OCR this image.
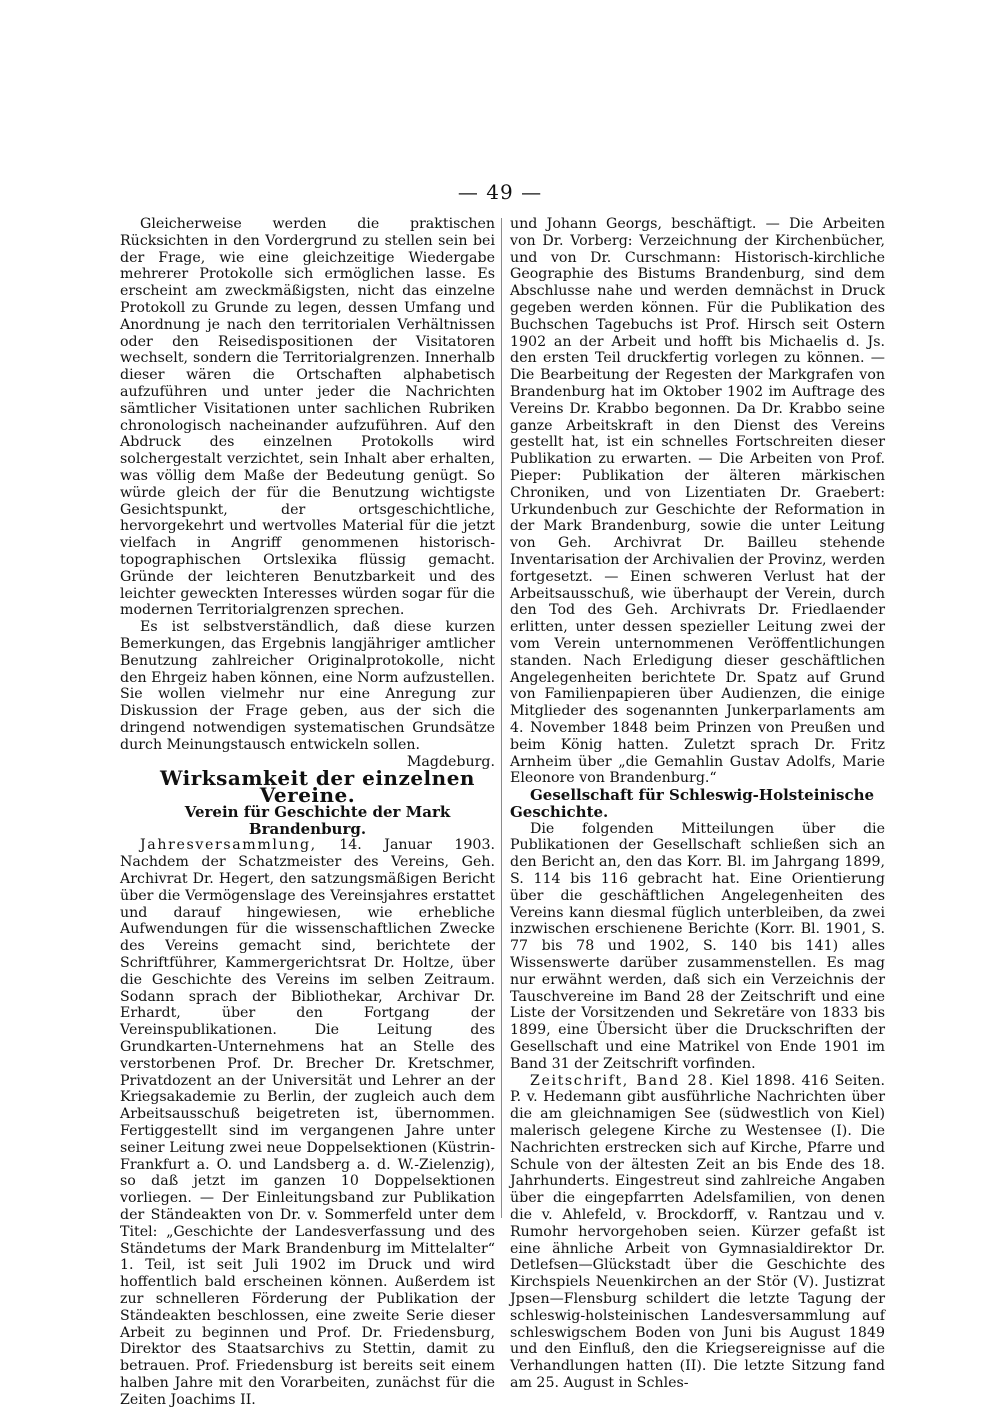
— 49 —

Gleicherweise werden die praktischen Rücksichten in den Vordergrund zu stellen sein bei der Frage, wie eine gleichzeitige Wiedergabe mehrerer Protokolle sich ermöglichen lasse. Es erscheint am zweckmäßigsten, nicht das einzelne Protokoll zu Grunde zu legen, dessen Umfang und Anordnung je nach den territorialen Verhältnissen oder den Reisedispositionen der Visitatoren wechselt, sondern die Territorialgrenzen. Innerhalb dieser wären die Ortschaften alphabetisch aufzuführen und unter jeder die Nachrichten sämtlicher Visitationen unter sachlichen Rubriken chronologisch nacheinander aufzuführen. Auf den Abdruck des einzelnen Protokolls wird solchergestalt verzichtet, sein Inhalt aber erhalten, was völlig dem Maße der Bedeutung genügt. So würde gleich der für die Benutzung wichtigste Gesichtspunkt, der ortsgeschichtliche, hervorgekehrt und wertvolles Material für die jetzt vielfach in Angriff genommenen historisch-topographischen Ortslexika flüssig gemacht. Gründe der leichteren Benutzbarkeit und des leichter geweckten Interesses würden sogar für die modernen Territorialgrenzen sprechen.

Es ist selbstverständlich, daß diese kurzen Bemerkungen, das Ergebnis langjähriger amtlicher Benutzung zahlreicher Originalprotokolle, nicht den Ehrgeiz haben können, eine Norm aufzustellen. Sie wollen vielmehr nur eine Anregung zur Diskussion der Frage geben, aus der sich die dringend notwendigen systematischen Grundsätze durch Meinungstausch entwickeln sollen.
Magdeburg.

Wirksamkeit der einzelnen Vereine.

Verein für Geschichte der Mark Brandenburg.

Jahresversammlung, 14. Januar 1903. Nachdem der Schatzmeister des Vereins, Geh. Archivrat Dr. Hegert, den satzungsmäßigen Bericht über die Vermögenslage des Vereinsjahres erstattet und darauf hingewiesen, wie erhebliche Aufwendungen für die wissenschaftlichen Zwecke des Vereins gemacht sind, berichtete der Schriftführer, Kammergerichtsrat Dr. Holtze, über die Geschichte des Vereins im selben Zeitraum. Sodann sprach der Bibliothekar, Archivar Dr. Erhardt, über den Fortgang der Vereinspublikationen. Die Leitung des Grundkarten-Unternehmens hat an Stelle des verstorbenen Prof. Dr. Brecher Dr. Kretschmer, Privatdozent an der Universität und Lehrer an der Kriegsakademie zu Berlin, der zugleich auch dem Arbeitsausschuß beigetreten ist, übernommen. Fertiggestellt sind im vergangenen Jahre unter seiner Leitung zwei neue Doppelsektionen (Küstrin-Frankfurt a. O. und Landsberg a. d. W.-Zielenzig), so daß jetzt im ganzen 10 Doppelsektionen vorliegen. — Der Einleitungsband zur Publikation der Ständeakten von Dr. v. Sommerfeld unter dem Titel: „Geschichte der Landesverfassung und des Ständetums der Mark Brandenburg im Mittelalter“ 1. Teil, ist seit Juli 1902 im Druck und wird hoffentlich bald erscheinen können. Außerdem ist zur schnelleren Förderung der Publikation der Ständeakten beschlossen, eine zweite Serie dieser Arbeit zu beginnen und Prof. Dr. Friedensburg, Direktor des Staatsarchivs zu Stettin, damit zu betrauen. Prof. Friedensburg ist bereits seit einem halben Jahre mit den Vorarbeiten, zunächst für die Zeiten Joachims II.

und Johann Georgs, beschäftigt. — Die Arbeiten von Dr. Vorberg: Verzeichnung der Kirchenbücher, und von Dr. Curschmann: Historisch-kirchliche Geographie des Bistums Brandenburg, sind dem Abschlusse nahe und werden demnächst in Druck gegeben werden können. Für die Publikation des Buchschen Tagebuchs ist Prof. Hirsch seit Ostern 1902 an der Arbeit und hofft bis Michaelis d. Js. den ersten Teil druckfertig vorlegen zu können. — Die Bearbeitung der Regesten der Markgrafen von Brandenburg hat im Oktober 1902 im Auftrage des Vereins Dr. Krabbo begonnen. Da Dr. Krabbo seine ganze Arbeitskraft in den Dienst des Vereins gestellt hat, ist ein schnelles Fortschreiten dieser Publikation zu erwarten. — Die Arbeiten von Prof. Pieper: Publikation der älteren märkischen Chroniken, und von Lizentiaten Dr. Graebert: Urkundenbuch zur Geschichte der Reformation in der Mark Brandenburg, sowie die unter Leitung von Geh. Archivrat Dr. Bailleu stehende Inventarisation der Archivalien der Provinz, werden fortgesetzt. — Einen schweren Verlust hat der Arbeitsausschuß, wie überhaupt der Verein, durch den Tod des Geh. Archivrats Dr. Friedlaender erlitten, unter dessen spezieller Leitung zwei der vom Verein unternommenen Veröffentlichungen standen. Nach Erledigung dieser geschäftlichen Angelegenheiten berichtete Dr. Spatz auf Grund von Familienpapieren über Audienzen, die einige Mitglieder des sogenannten Junkerparlaments am 4. November 1848 beim Prinzen von Preußen und beim König hatten. Zuletzt sprach Dr. Fritz Arnheim über „die Gemahlin Gustav Adolfs, Marie Eleonore von Brandenburg.“

Gesellschaft für Schleswig-Holsteinische Geschichte.

Die folgenden Mitteilungen über die Publikationen der Gesellschaft schließen sich an den Bericht an, den das Korr. Bl. im Jahrgang 1899, S. 114 bis 116 gebracht hat. Eine Orientierung über die geschäftlichen Angelegenheiten des Vereins kann diesmal füglich unterbleiben, da zwei inzwischen erschienene Berichte (Korr. Bl. 1901, S. 77 bis 78 und 1902, S. 140 bis 141) alles Wissenswerte darüber zusammenstellen. Es mag nur erwähnt werden, daß sich ein Verzeichnis der Tauschvereine im Band 28 der Zeitschrift und eine Liste der Vorsitzenden und Sekretäre von 1833 bis 1899, eine Übersicht über die Druckschriften der Gesellschaft und eine Matrikel von Ende 1901 im Band 31 der Zeitschrift vorfinden.

Zeitschrift, Band 28. Kiel 1898. 416 Seiten. P. v. Hedemann gibt ausführliche Nachrichten über die am gleichnamigen See (südwestlich von Kiel) malerisch gelegene Kirche zu Westensee (I). Die Nachrichten erstrecken sich auf Kirche, Pfarre und Schule von der ältesten Zeit an bis Ende des 18. Jahrhunderts. Eingestreut sind zahlreiche Angaben über die eingepfarrten Adelsfamilien, von denen die v. Ahlefeld, v. Brockdorff, v. Rantzau und v. Rumohr hervorgehoben seien. Kürzer gefaßt ist eine ähnliche Arbeit von Gymnasialdirektor Dr. Detlefsen—Glückstadt über die Geschichte des Kirchspiels Neuenkirchen an der Stör (V). Justizrat Jpsen—Flensburg schildert die letzte Tagung der schleswig-holsteinischen Landesversammlung auf schleswigschem Boden von Juni bis August 1849 und den Einfluß, den die Kriegsereignisse auf die Verhandlungen hatten (II). Die letzte Sitzung fand am 25. August in Schles-
